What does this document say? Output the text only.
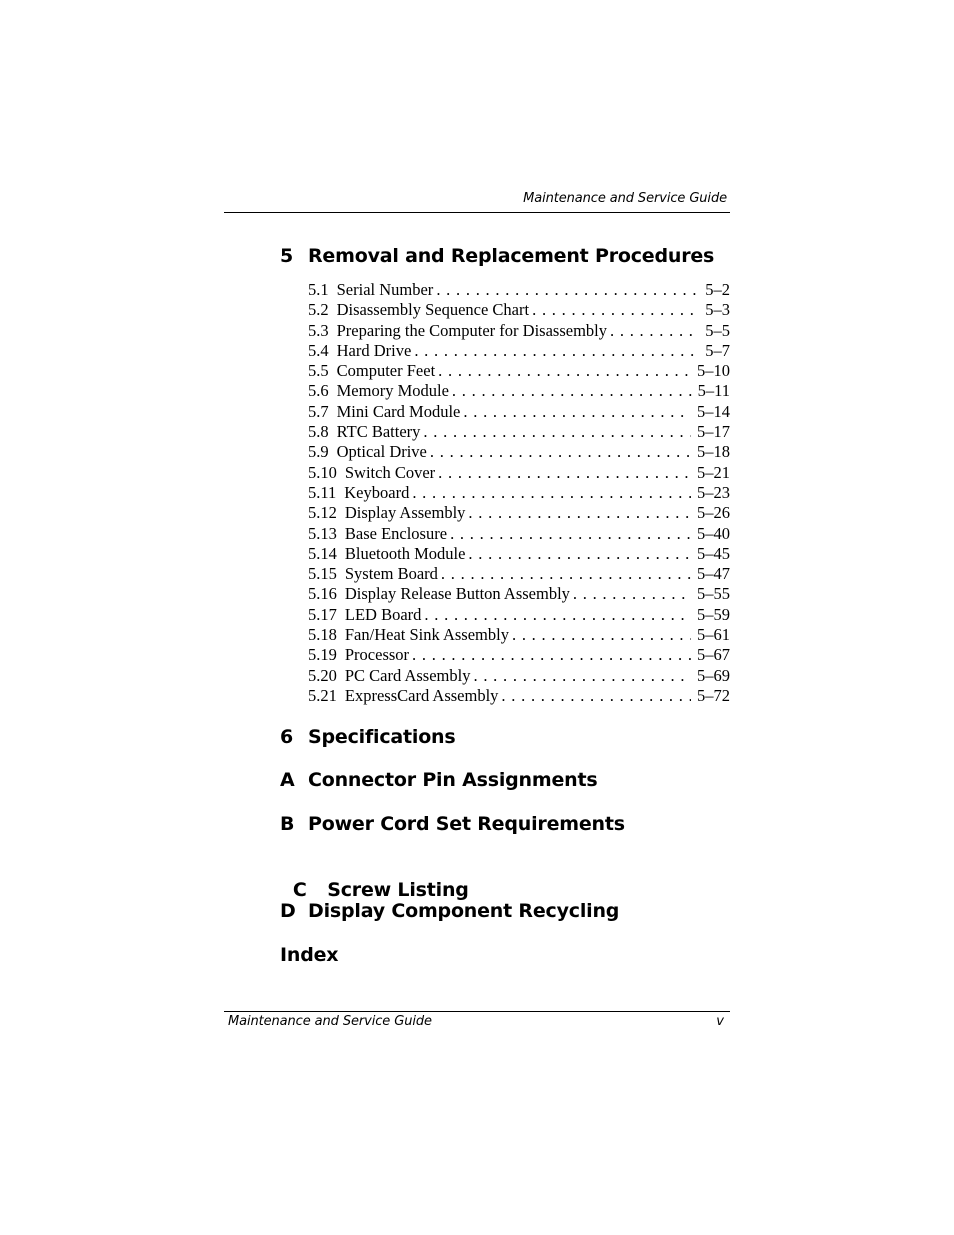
Maintenance and Service Guide
5 Removal and Replacement Procedures
5.1 Serial Number . . .	5–2
5.2 Disassembly Sequence Chart . . .	5–3
5.3 Preparing the Computer for Disassembly . . .	5–5
5.4 Hard Drive . . .	5–7
5.5 Computer Feet . . .	5–10
5.6 Memory Module . . .	5–11
5.7 Mini Card Module . . .	5–14
5.8 RTC Battery . . .	5–17
5.9 Optical Drive . . .	5–18
5.10 Switch Cover . . .	5–21
5.11 Keyboard . . .	5–23
5.12 Display Assembly . . .	5–26
5.13 Base Enclosure . . .	5–40
5.14 Bluetooth Module . . .	5–45
5.15 System Board . . .	5–47
5.16 Display Release Button Assembly . . .	5–55
5.17 LED Board . . .	5–59
5.18 Fan/Heat Sink Assembly . . .	5–61
5.19 Processor . . .	5–67
5.20 PC Card Assembly . . .	5–69
5.21 ExpressCard Assembly . . .	5–72
6 Specifications
A Connector Pin Assignments
B Power Cord Set Requirements

C Screw Listing

D Display Component Recycling
Index
Maintenance and Service Guide	v
